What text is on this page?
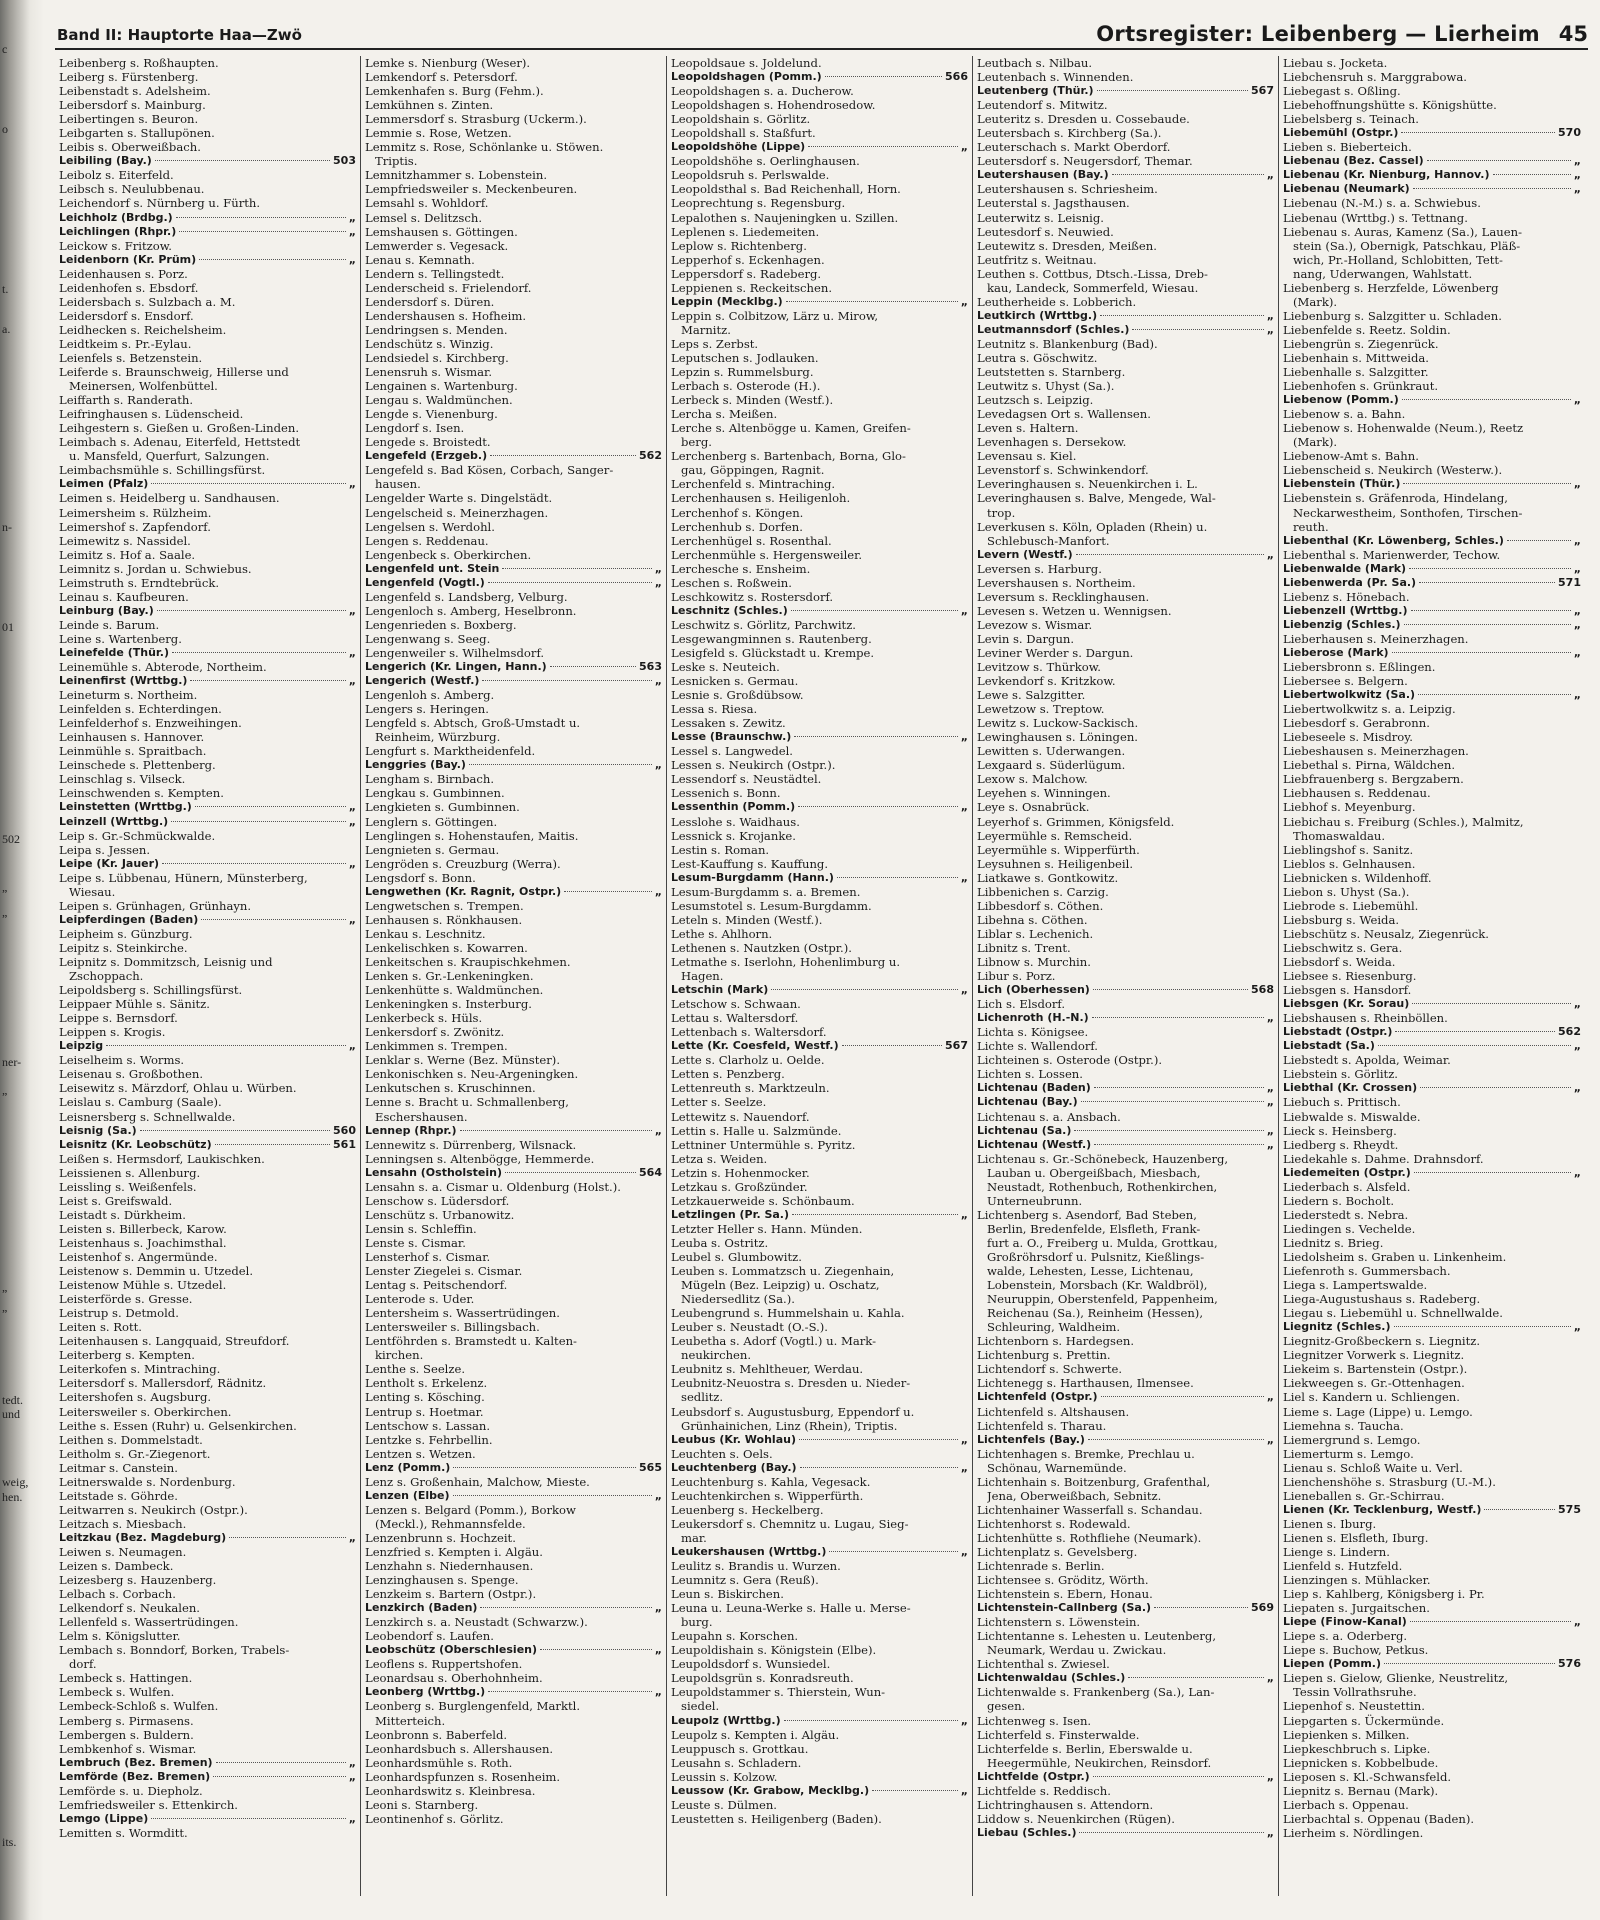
c
o
t.
a.
n-
01
502
„
„
ner-
„
„
„
tedt.
und
weig,
hen.
its.
Band II: Hauptorte Haa—Zwö	Ortsregister: Leibenberg — Lierheim 45
Leibenberg s. Roßhaupten.
Leiberg s. Fürstenberg.
Leibenstadt s. Adelsheim.
Leibersdorf s. Mainburg.
Leibertingen s. Beuron.
Leibgarten s. Stallupönen.
Leibis s. Oberweißbach.
Leibiling (Bay.)	503
Leibolz s. Eiterfeld.
Leibsch s. Neulubbenau.
Leichendorf s. Nürnberg u. Fürth.
Leichholz (Brdbg.)	„
Leichlingen (Rhpr.)	„
Leickow s. Fritzow.
Leidenborn (Kr. Prüm)	„
Leidenhausen s. Porz.
Leidenhofen s. Ebsdorf.
Leidersbach s. Sulzbach a. M.
Leidersdorf s. Ensdorf.
Leidhecken s. Reichelsheim.
Leidtkeim s. Pr.-Eylau.
Leienfels s. Betzenstein.
Leiferde s. Braunschweig, Hillerse und
Meinersen, Wolfenbüttel.
Leiffarth s. Randerath.
Leifringhausen s. Lüdenscheid.
Leihgestern s. Gießen u. Großen-Linden.
Leimbach s. Adenau, Eiterfeld, Hettstedt
u. Mansfeld, Querfurt, Salzungen.
Leimbachsmühle s. Schillingsfürst.
Leimen (Pfalz)	„
Leimen s. Heidelberg u. Sandhausen.
Leimersheim s. Rülzheim.
Leimershof s. Zapfendorf.
Leimewitz s. Nassidel.
Leimitz s. Hof a. Saale.
Leimnitz s. Jordan u. Schwiebus.
Leimstruth s. Erndtebrück.
Leinau s. Kaufbeuren.
Leinburg (Bay.)	„
Leinde s. Barum.
Leine s. Wartenberg.
Leinefelde (Thür.)	„
Leinemühle s. Abterode, Northeim.
Leinenfirst (Wrttbg.)	„
Leineturm s. Northeim.
Leinfelden s. Echterdingen.
Leinfelderhof s. Enzweihingen.
Leinhausen s. Hannover.
Leinmühle s. Spraitbach.
Leinschede s. Plettenberg.
Leinschlag s. Vilseck.
Leinschwenden s. Kempten.
Leinstetten (Wrttbg.)	„
Leinzell (Wrttbg.)	„
Leip s. Gr.-Schmückwalde.
Leipa s. Jessen.
Leipe (Kr. Jauer)	„
Leipe s. Lübbenau, Hünern, Münsterberg,
Wiesau.
Leipen s. Grünhagen, Grünhayn.
Leipferdingen (Baden)	„
Leipheim s. Günzburg.
Leipitz s. Steinkirche.
Leipnitz s. Dommitzsch, Leisnig und
Zschoppach.
Leipoldsberg s. Schillingsfürst.
Leippaer Mühle s. Sänitz.
Leippe s. Bernsdorf.
Leippen s. Krogis.
Leipzig	„
Leiselheim s. Worms.
Leisenau s. Großbothen.
Leisewitz s. Märzdorf, Ohlau u. Würben.
Leislau s. Camburg (Saale).
Leisnersberg s. Schnellwalde.
Leisnig (Sa.)	560
Leisnitz (Kr. Leobschütz)	561
Leißen s. Hermsdorf, Laukischken.
Leissienen s. Allenburg.
Leissling s. Weißenfels.
Leist s. Greifswald.
Leistadt s. Dürkheim.
Leisten s. Billerbeck, Karow.
Leistenhaus s. Joachimsthal.
Leistenhof s. Angermünde.
Leistenow s. Demmin u. Utzedel.
Leistenow Mühle s. Utzedel.
Leisterförde s. Gresse.
Leistrup s. Detmold.
Leiten s. Rott.
Leitenhausen s. Langquaid, Streufdorf.
Leiterberg s. Kempten.
Leiterkofen s. Mintraching.
Leitersdorf s. Mallersdorf, Rädnitz.
Leitershofen s. Augsburg.
Leitersweiler s. Oberkirchen.
Leithe s. Essen (Ruhr) u. Gelsenkirchen.
Leithen s. Dommelstadt.
Leitholm s. Gr.-Ziegenort.
Leitmar s. Canstein.
Leitnerswalde s. Nordenburg.
Leitstade s. Göhrde.
Leitwarren s. Neukirch (Ostpr.).
Leitzach s. Miesbach.
Leitzkau (Bez. Magdeburg)	„
Leiwen s. Neumagen.
Leizen s. Dambeck.
Leizesberg s. Hauzenberg.
Lelbach s. Corbach.
Lelkendorf s. Neukalen.
Lellenfeld s. Wassertrüdingen.
Lelm s. Königslutter.
Lembach s. Bonndorf, Borken, Trabels-
dorf.
Lembeck s. Hattingen.
Lembeck s. Wulfen.
Lembeck-Schloß s. Wulfen.
Lemberg s. Pirmasens.
Lembergen s. Buldern.
Lembkenhof s. Wismar.
Lembruch (Bez. Bremen)	„
Lemförde (Bez. Bremen)	„
Lemförde s. u. Diepholz.
Lemfriedsweiler s. Ettenkirch.
Lemgo (Lippe)	„
Lemitten s. Wormditt.
Lemke s. Nienburg (Weser).
Lemkendorf s. Petersdorf.
Lemkenhafen s. Burg (Fehm.).
Lemkühnen s. Zinten.
Lemmersdorf s. Strasburg (Uckerm.).
Lemmie s. Rose, Wetzen.
Lemmitz s. Rose, Schönlanke u. Stöwen.
Triptis.
Lemnitzhammer s. Lobenstein.
Lempfriedsweiler s. Meckenbeuren.
Lemsahl s. Wohldorf.
Lemsel s. Delitzsch.
Lemshausen s. Göttingen.
Lemwerder s. Vegesack.
Lenau s. Kemnath.
Lendern s. Tellingstedt.
Lenderscheid s. Frielendorf.
Lendersdorf s. Düren.
Lendershausen s. Hofheim.
Lendringsen s. Menden.
Lendschütz s. Winzig.
Lendsiedel s. Kirchberg.
Lenensruh s. Wismar.
Lengainen s. Wartenburg.
Lengau s. Waldmünchen.
Lengde s. Vienenburg.
Lengdorf s. Isen.
Lengede s. Broistedt.
Lengefeld (Erzgeb.)	562
Lengefeld s. Bad Kösen, Corbach, Sanger-
hausen.
Lengelder Warte s. Dingelstädt.
Lengelscheid s. Meinerzhagen.
Lengelsen s. Werdohl.
Lengen s. Reddenau.
Lengenbeck s. Oberkirchen.
Lengenfeld unt. Stein	„
Lengenfeld (Vogtl.)	„
Lengenfeld s. Landsberg, Velburg.
Lengenloch s. Amberg, Heselbronn.
Lengenrieden s. Boxberg.
Lengenwang s. Seeg.
Lengenweiler s. Wilhelmsdorf.
Lengerich (Kr. Lingen, Hann.)	563
Lengerich (Westf.)	„
Lengenloh s. Amberg.
Lengers s. Heringen.
Lengfeld s. Abtsch, Groß-Umstadt u.
Reinheim, Würzburg.
Lengfurt s. Marktheidenfeld.
Lenggries (Bay.)	„
Lengham s. Birnbach.
Lengkau s. Gumbinnen.
Lengkieten s. Gumbinnen.
Lenglern s. Göttingen.
Lenglingen s. Hohenstaufen, Maitis.
Lengnieten s. Germau.
Lengröden s. Creuzburg (Werra).
Lengsdorf s. Bonn.
Lengwethen (Kr. Ragnit, Ostpr.)	„
Lengwetschen s. Trempen.
Lenhausen s. Rönkhausen.
Lenkau s. Leschnitz.
Lenkelischken s. Kowarren.
Lenkeitschen s. Kraupischkehmen.
Lenken s. Gr.-Lenkeningken.
Lenkenhütte s. Waldmünchen.
Lenkeningken s. Insterburg.
Lenkerbeck s. Hüls.
Lenkersdorf s. Zwönitz.
Lenkimmen s. Trempen.
Lenklar s. Werne (Bez. Münster).
Lenkonischken s. Neu-Argeningken.
Lenkutschen s. Kruschinnen.
Lenne s. Bracht u. Schmallenberg,
Eschershausen.
Lennep (Rhpr.)	„
Lennewitz s. Dürrenberg, Wilsnack.
Lenningsen s. Altenbögge, Hemmerde.
Lensahn (Ostholstein)	564
Lensahn s. a. Cismar u. Oldenburg (Holst.).
Lenschow s. Lüdersdorf.
Lenschütz s. Urbanowitz.
Lensin s. Schleffin.
Lenste s. Cismar.
Lensterhof s. Cismar.
Lenster Ziegelei s. Cismar.
Lentag s. Peitschendorf.
Lenterode s. Uder.
Lentersheim s. Wassertrüdingen.
Lentersweiler s. Billingsbach.
Lentföhrden s. Bramstedt u. Kalten-
kirchen.
Lenthe s. Seelze.
Lentholt s. Erkelenz.
Lenting s. Kösching.
Lentrup s. Hoetmar.
Lentschow s. Lassan.
Lentzke s. Fehrbellin.
Lentzen s. Wetzen.
Lenz (Pomm.)	565
Lenz s. Großenhain, Malchow, Mieste.
Lenzen (Elbe)	„
Lenzen s. Belgard (Pomm.), Borkow
(Meckl.), Rehmannsfelde.
Lenzenbrunn s. Hochzeit.
Lenzfried s. Kempten i. Algäu.
Lenzhahn s. Niedernhausen.
Lenzinghausen s. Spenge.
Lenzkeim s. Bartern (Ostpr.).
Lenzkirch (Baden)	„
Lenzkirch s. a. Neustadt (Schwarzw.).
Leobendorf s. Laufen.
Leobschütz (Oberschlesien)	„
Leoflens s. Ruppertshofen.
Leonardsau s. Oberhohnheim.
Leonberg (Wrttbg.)	„
Leonberg s. Burglengenfeld, Marktl.
Mitterteich.
Leonbronn s. Baberfeld.
Leonhardsbuch s. Allershausen.
Leonhardsmühle s. Roth.
Leonhardspfunzen s. Rosenheim.
Leonhardswitz s. Kleinbresa.
Leoni s. Starnberg.
Leontinenhof s. Görlitz.
Leopoldsaue s. Joldelund.
Leopoldshagen (Pomm.)	566
Leopoldshagen s. a. Ducherow.
Leopoldshagen s. Hohendrosedow.
Leopoldshain s. Görlitz.
Leopoldshall s. Staßfurt.
Leopoldshöhe (Lippe)	„
Leopoldshöhe s. Oerlinghausen.
Leopoldsruh s. Perlswalde.
Leopoldsthal s. Bad Reichenhall, Horn.
Leoprechtung s. Regensburg.
Lepalothen s. Naujeningken u. Szillen.
Leplenen s. Liedemeiten.
Leplow s. Richtenberg.
Lepperhof s. Eckenhagen.
Leppersdorf s. Radeberg.
Leppienen s. Reckeitschen.
Leppin (Mecklbg.)	„
Leppin s. Colbitzow, Lärz u. Mirow,
Marnitz.
Leps s. Zerbst.
Leputschen s. Jodlauken.
Lepzin s. Rummelsburg.
Lerbach s. Osterode (H.).
Lerbeck s. Minden (Westf.).
Lercha s. Meißen.
Lerche s. Altenbögge u. Kamen, Greifen-
berg.
Lerchenberg s. Bartenbach, Borna, Glo-
gau, Göppingen, Ragnit.
Lerchenfeld s. Mintraching.
Lerchenhausen s. Heiligenloh.
Lerchenhof s. Köngen.
Lerchenhub s. Dorfen.
Lerchenhügel s. Rosenthal.
Lerchenmühle s. Hergensweiler.
Lerchesche s. Ensheim.
Leschen s. Roßwein.
Leschkowitz s. Rostersdorf.
Leschnitz (Schles.)	„
Leschwitz s. Görlitz, Parchwitz.
Lesgewangminnen s. Rautenberg.
Lesigfeld s. Glückstadt u. Krempe.
Leske s. Neuteich.
Lesnicken s. Germau.
Lesnie s. Großdübsow.
Lessa s. Riesa.
Lessaken s. Zewitz.
Lesse (Braunschw.)	„
Lessel s. Langwedel.
Lessen s. Neukirch (Ostpr.).
Lessendorf s. Neustädtel.
Lessenich s. Bonn.
Lessenthin (Pomm.)	„
Lesslohe s. Waidhaus.
Lessnick s. Krojanke.
Lestin s. Roman.
Lest-Kauffung s. Kauffung.
Lesum-Burgdamm (Hann.)	„
Lesum-Burgdamm s. a. Bremen.
Lesumstotel s. Lesum-Burgdamm.
Leteln s. Minden (Westf.).
Lethe s. Ahlhorn.
Lethenen s. Nautzken (Ostpr.).
Letmathe s. Iserlohn, Hohenlimburg u.
Hagen.
Letschin (Mark)	„
Letschow s. Schwaan.
Lettau s. Waltersdorf.
Lettenbach s. Waltersdorf.
Lette (Kr. Coesfeld, Westf.)	567
Lette s. Clarholz u. Oelde.
Letten s. Penzberg.
Lettenreuth s. Marktzeuln.
Letter s. Seelze.
Lettewitz s. Nauendorf.
Lettin s. Halle u. Salzmünde.
Lettniner Untermühle s. Pyritz.
Letza s. Weiden.
Letzin s. Hohenmocker.
Letzkau s. Großzünder.
Letzkauerweide s. Schönbaum.
Letzlingen (Pr. Sa.)	„
Letzter Heller s. Hann. Münden.
Leuba s. Ostritz.
Leubel s. Glumbowitz.
Leuben s. Lommatzsch u. Ziegenhain,
Mügeln (Bez. Leipzig) u. Oschatz,
Niedersedlitz (Sa.).
Leubengrund s. Hummelshain u. Kahla.
Leuber s. Neustadt (O.-S.).
Leubetha s. Adorf (Vogtl.) u. Mark-
neukirchen.
Leubnitz s. Mehltheuer, Werdau.
Leubnitz-Neuostra s. Dresden u. Nieder-
sedlitz.
Leubsdorf s. Augustusburg, Eppendorf u.
Grünhainichen, Linz (Rhein), Triptis.
Leubus (Kr. Wohlau)	„
Leuchten s. Oels.
Leuchtenberg (Bay.)	„
Leuchtenburg s. Kahla, Vegesack.
Leuchtenkirchen s. Wipperfürth.
Leuenberg s. Heckelberg.
Leukersdorf s. Chemnitz u. Lugau, Sieg-
mar.
Leukershausen (Wrttbg.)	„
Leulitz s. Brandis u. Wurzen.
Leumnitz s. Gera (Reuß).
Leun s. Biskirchen.
Leuna u. Leuna-Werke s. Halle u. Merse-
burg.
Leupahn s. Korschen.
Leupoldishain s. Königstein (Elbe).
Leupoldsdorf s. Wunsiedel.
Leupoldsgrün s. Konradsreuth.
Leupoldstammer s. Thierstein, Wun-
siedel.
Leupolz (Wrttbg.)	„
Leupolz s. Kempten i. Algäu.
Leuppusch s. Grottkau.
Leusahn s. Schladern.
Leussin s. Kolzow.
Leussow (Kr. Grabow, Mecklbg.)	„
Leuste s. Dülmen.
Leustetten s. Heiligenberg (Baden).
Leutbach s. Nilbau.
Leutenbach s. Winnenden.
Leutenberg (Thür.)	567
Leutendorf s. Mitwitz.
Leuteritz s. Dresden u. Cossebaude.
Leutersbach s. Kirchberg (Sa.).
Leuterschach s. Markt Oberdorf.
Leutersdorf s. Neugersdorf, Themar.
Leutershausen (Bay.)	„
Leutershausen s. Schriesheim.
Leuterstal s. Jagsthausen.
Leuterwitz s. Leisnig.
Leutesdorf s. Neuwied.
Leutewitz s. Dresden, Meißen.
Leutfritz s. Weitnau.
Leuthen s. Cottbus, Dtsch.-Lissa, Dreb-
kau, Landeck, Sommerfeld, Wiesau.
Leutherheide s. Lobberich.
Leutkirch (Wrttbg.)	„
Leutmannsdorf (Schles.)	„
Leutnitz s. Blankenburg (Bad).
Leutra s. Göschwitz.
Leutstetten s. Starnberg.
Leutwitz s. Uhyst (Sa.).
Leutzsch s. Leipzig.
Levedagsen Ort s. Wallensen.
Leven s. Haltern.
Levenhagen s. Dersekow.
Levensau s. Kiel.
Levenstorf s. Schwinkendorf.
Leveringhausen s. Neuenkirchen i. L.
Leveringhausen s. Balve, Mengede, Wal-
trop.
Leverkusen s. Köln, Opladen (Rhein) u.
Schlebusch-Manfort.
Levern (Westf.)	„
Leversen s. Harburg.
Levershausen s. Northeim.
Leversum s. Recklinghausen.
Levesen s. Wetzen u. Wennigsen.
Levezow s. Wismar.
Levin s. Dargun.
Leviner Werder s. Dargun.
Levitzow s. Thürkow.
Levkendorf s. Kritzkow.
Lewe s. Salzgitter.
Lewetzow s. Treptow.
Lewitz s. Luckow-Sackisch.
Lewinghausen s. Löningen.
Lewitten s. Uderwangen.
Lexgaard s. Süderlügum.
Lexow s. Malchow.
Leyehen s. Winningen.
Leye s. Osnabrück.
Leyerhof s. Grimmen, Königsfeld.
Leyermühle s. Remscheid.
Leyermühle s. Wipperfürth.
Leysuhnen s. Heiligenbeil.
Liatkawe s. Gontkowitz.
Libbenichen s. Carzig.
Libbesdorf s. Cöthen.
Libehna s. Cöthen.
Liblar s. Lechenich.
Libnitz s. Trent.
Libnow s. Murchin.
Libur s. Porz.
Lich (Oberhessen)	568
Lich s. Elsdorf.
Lichenroth (H.-N.)	„
Lichta s. Königsee.
Lichte s. Wallendorf.
Lichteinen s. Osterode (Ostpr.).
Lichten s. Lossen.
Lichtenau (Baden)	„
Lichtenau (Bay.)	„
Lichtenau s. a. Ansbach.
Lichtenau (Sa.)	„
Lichtenau (Westf.)	„
Lichtenau s. Gr.-Schönebeck, Hauzenberg,
Lauban u. Obergeißbach, Miesbach,
Neustadt, Rothenbuch, Rothenkirchen,
Unterneubrunn.
Lichtenberg s. Asendorf, Bad Steben,
Berlin, Bredenfelde, Elsfleth, Frank-
furt a. O., Freiberg u. Mulda, Grottkau,
Großröhrsdorf u. Pulsnitz, Kießlings-
walde, Lehesten, Lesse, Lichtenau,
Lobenstein, Morsbach (Kr. Waldbröl),
Neuruppin, Oberstenfeld, Pappenheim,
Reichenau (Sa.), Reinheim (Hessen),
Schleuring, Waldheim.
Lichtenborn s. Hardegsen.
Lichtenburg s. Prettin.
Lichtendorf s. Schwerte.
Lichtenegg s. Harthausen, Ilmensee.
Lichtenfeld (Ostpr.)	„
Lichtenfeld s. Altshausen.
Lichtenfeld s. Tharau.
Lichtenfels (Bay.)	„
Lichtenhagen s. Bremke, Prechlau u.
Schönau, Warnemünde.
Lichtenhain s. Boitzenburg, Grafenthal,
Jena, Oberweißbach, Sebnitz.
Lichtenhainer Wasserfall s. Schandau.
Lichtenhorst s. Rodewald.
Lichtenhütte s. Rothfliehe (Neumark).
Lichtenplatz s. Gevelsberg.
Lichtenrade s. Berlin.
Lichtensee s. Gröditz, Wörth.
Lichtenstein s. Ebern, Honau.
Lichtenstein-Callnberg (Sa.)	569
Lichtenstern s. Löwenstein.
Lichtentanne s. Lehesten u. Leutenberg,
Neumark, Werdau u. Zwickau.
Lichtenthal s. Zwiesel.
Lichtenwaldau (Schles.)	„
Lichtenwalde s. Frankenberg (Sa.), Lan-
gesen.
Lichtenweg s. Isen.
Lichterfeld s. Finsterwalde.
Lichterfelde s. Berlin, Eberswalde u.
Heegermühle, Neukirchen, Reinsdorf.
Lichtfelde (Ostpr.)	„
Lichtfelde s. Reddisch.
Lichtringhausen s. Attendorn.
Liddow s. Neuenkirchen (Rügen).
Liebau (Schles.)	„
Liebau s. Jocketa.
Liebchensruh s. Marggrabowa.
Liebegast s. Oßling.
Liebehoffnungshütte s. Königshütte.
Liebelsberg s. Teinach.
Liebemühl (Ostpr.)	570
Lieben s. Bieberteich.
Liebenau (Bez. Cassel)	„
Liebenau (Kr. Nienburg, Hannov.)	„
Liebenau (Neumark)	„
Liebenau (N.-M.) s. a. Schwiebus.
Liebenau (Wrttbg.) s. Tettnang.
Liebenau s. Auras, Kamenz (Sa.), Lauen-
stein (Sa.), Obernigk, Patschkau, Pläß-
wich, Pr.-Holland, Schlobitten, Tett-
nang, Uderwangen, Wahlstatt.
Liebenberg s. Herzfelde, Löwenberg
(Mark).
Liebenburg s. Salzgitter u. Schladen.
Liebenfelde s. Reetz. Soldin.
Liebengrün s. Ziegenrück.
Liebenhain s. Mittweida.
Liebenhalle s. Salzgitter.
Liebenhofen s. Grünkraut.
Liebenow (Pomm.)	„
Liebenow s. a. Bahn.
Liebenow s. Hohenwalde (Neum.), Reetz
(Mark).
Liebenow-Amt s. Bahn.
Liebenscheid s. Neukirch (Westerw.).
Liebenstein (Thür.)	„
Liebenstein s. Gräfenroda, Hindelang,
Neckarwestheim, Sonthofen, Tirschen-
reuth.
Liebenthal (Kr. Löwenberg, Schles.)	„
Liebenthal s. Marienwerder, Techow.
Liebenwalde (Mark)	„
Liebenwerda (Pr. Sa.)	571
Liebenz s. Hönebach.
Liebenzell (Wrttbg.)	„
Liebenzig (Schles.)	„
Lieberhausen s. Meinerzhagen.
Lieberose (Mark)	„
Liebersbronn s. Eßlingen.
Liebersee s. Belgern.
Liebertwolkwitz (Sa.)	„
Liebertwolkwitz s. a. Leipzig.
Liebesdorf s. Gerabronn.
Liebeseele s. Misdroy.
Liebeshausen s. Meinerzhagen.
Liebethal s. Pirna, Wäldchen.
Liebfrauenberg s. Bergzabern.
Liebhausen s. Reddenau.
Liebhof s. Meyenburg.
Liebichau s. Freiburg (Schles.), Malmitz,
Thomaswaldau.
Lieblingshof s. Sanitz.
Lieblos s. Gelnhausen.
Liebnicken s. Wildenhoff.
Liebon s. Uhyst (Sa.).
Liebrode s. Liebemühl.
Liebsburg s. Weida.
Liebschütz s. Neusalz, Ziegenrück.
Liebschwitz s. Gera.
Liebsdorf s. Weida.
Liebsee s. Riesenburg.
Liebsgen s. Hansdorf.
Liebsgen (Kr. Sorau)	„
Liebshausen s. Rheinböllen.
Liebstadt (Ostpr.)	562
Liebstadt (Sa.)	„
Liebstedt s. Apolda, Weimar.
Liebstein s. Görlitz.
Liebthal (Kr. Crossen)	„
Liebuch s. Prittisch.
Liebwalde s. Miswalde.
Lieck s. Heinsberg.
Liedberg s. Rheydt.
Liedekahle s. Dahme. Drahnsdorf.
Liedemeiten (Ostpr.)	„
Liederbach s. Alsfeld.
Liedern s. Bocholt.
Liederstedt s. Nebra.
Liedingen s. Vechelde.
Liednitz s. Brieg.
Liedolsheim s. Graben u. Linkenheim.
Liefenroth s. Gummersbach.
Liega s. Lampertswalde.
Liega-Augustushaus s. Radeberg.
Liegau s. Liebemühl u. Schnellwalde.
Liegnitz (Schles.)	„
Liegnitz-Großbeckern s. Liegnitz.
Liegnitzer Vorwerk s. Liegnitz.
Liekeim s. Bartenstein (Ostpr.).
Liekweegen s. Gr.-Ottenhagen.
Liel s. Kandern u. Schliengen.
Lieme s. Lage (Lippe) u. Lemgo.
Liemehna s. Taucha.
Liemergrund s. Lemgo.
Liemerturm s. Lemgo.
Lienau s. Schloß Waite u. Verl.
Lienchenshöhe s. Strasburg (U.-M.).
Lieneballen s. Gr.-Schirrau.
Lienen (Kr. Tecklenburg, Westf.)	575
Lienen s. Iburg.
Lienen s. Elsfleth, Iburg.
Lienge s. Lindern.
Lienfeld s. Hutzfeld.
Lienzingen s. Mühlacker.
Liep s. Kahlberg, Königsberg i. Pr.
Liepaten s. Jurgaitschen.
Liepe (Finow-Kanal)	„
Liepe s. a. Oderberg.
Liepe s. Buchow, Petkus.
Liepen (Pomm.)	576
Liepen s. Gielow, Glienke, Neustrelitz,
Tessin Vollrathsruhe.
Liepenhof s. Neustettin.
Liepgarten s. Ückermünde.
Liepienken s. Milken.
Liepkeschbruch s. Lipke.
Liepnicken s. Kobbelbude.
Lieposen s. Kl.-Schwansfeld.
Liepnitz s. Bernau (Mark).
Lierbach s. Oppenau.
Lierbachtal s. Oppenau (Baden).
Lierheim s. Nördlingen.
